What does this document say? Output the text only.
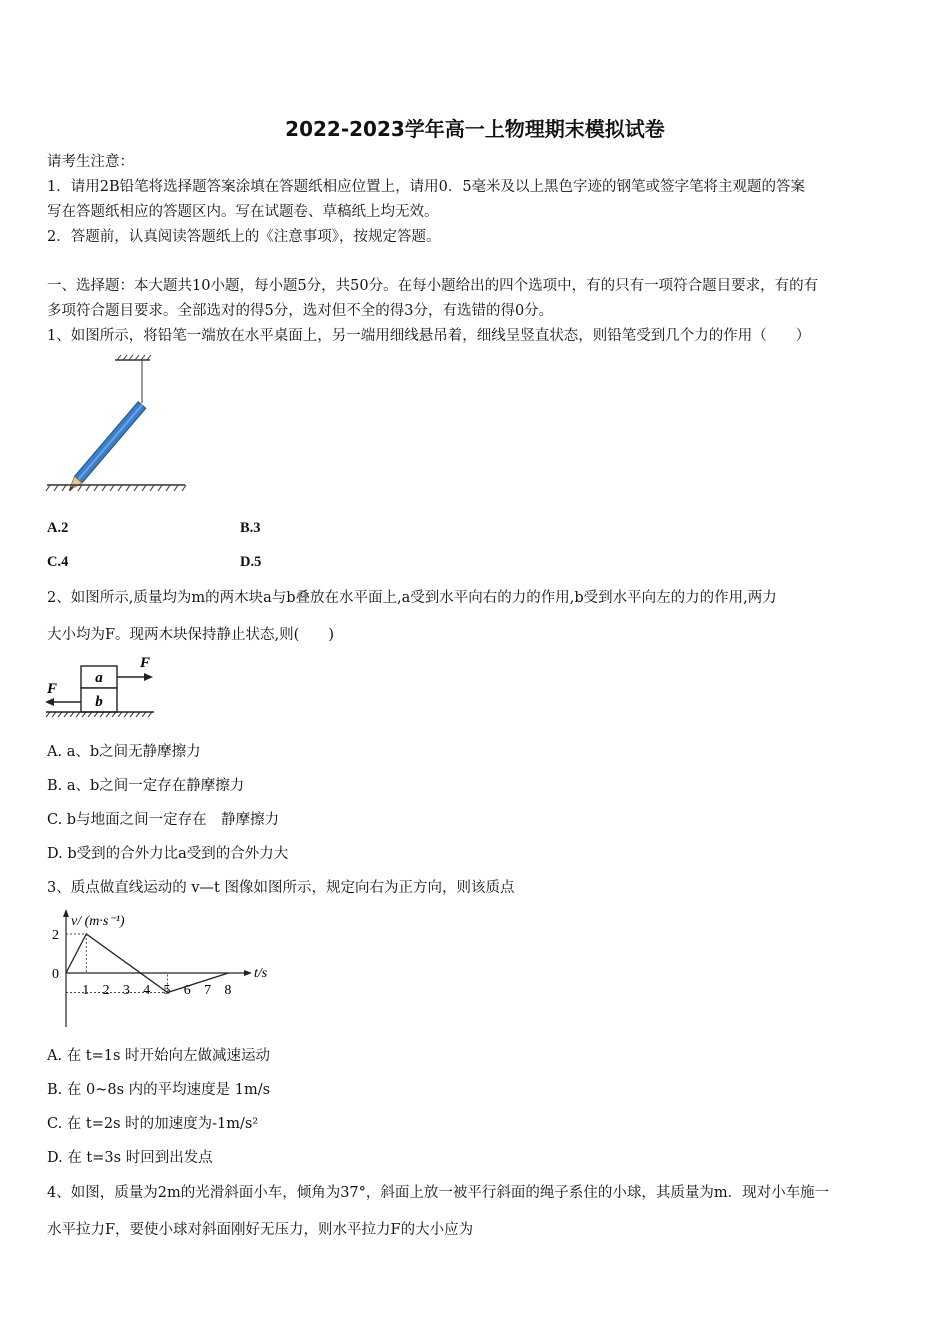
2022-2023学年高一上物理期末模拟试卷
请考生注意：
1．请用2B铅笔将选择题答案涂填在答题纸相应位置上，请用0．5毫米及以上黑色字迹的钢笔或签字笔将主观题的答案
写在答题纸相应的答题区内。写在试题卷、草稿纸上均无效。
2．答题前，认真阅读答题纸上的《注意事项》，按规定答题。
一、选择题：本大题共10小题，每小题5分，共50分。在每小题给出的四个选项中，有的只有一项符合题目要求，有的有
多项符合题目要求。全部选对的得5分，选对但不全的得3分，有选错的得0分。
1、如图所示，将铅笔一端放在水平桌面上，另一端用细线悬吊着，细线呈竖直状态，则铅笔受到几个力的作用（　　）
A.2	B.3
C.4	D.5
2、如图所示,质量均为m的两木块a与b叠放在水平面上,a受到水平向右的力的作用,b受到水平向左的力的作用,两力
大小均为F。现两木块保持静止状态,则(　　)
a
b
F
F
A. a、b之间无静摩擦力
B. a、b之间一定存在静摩擦力
C. b与地面之间一定存在　静摩擦力
D. b受到的合外力比a受到的合外力大
3、质点做直线运动的 v—t 图像如图所示，规定向右为正方向，则该质点
v/ (m·s⁻¹)
t/s
1 2 3 4 5 6 7 8
2
0
A. 在 t=1s 时开始向左做减速运动
B. 在 0~8s 内的平均速度是 1m/s
C. 在 t=2s 时的加速度为-1m/s²
D. 在 t=3s 时回到出发点
4、如图，质量为2m的光滑斜面小车，倾角为37°，斜面上放一被平行斜面的绳子系住的小球，其质量为m．现对小车施一
水平拉力F，要使小球对斜面刚好无压力，则水平拉力F的大小应为
